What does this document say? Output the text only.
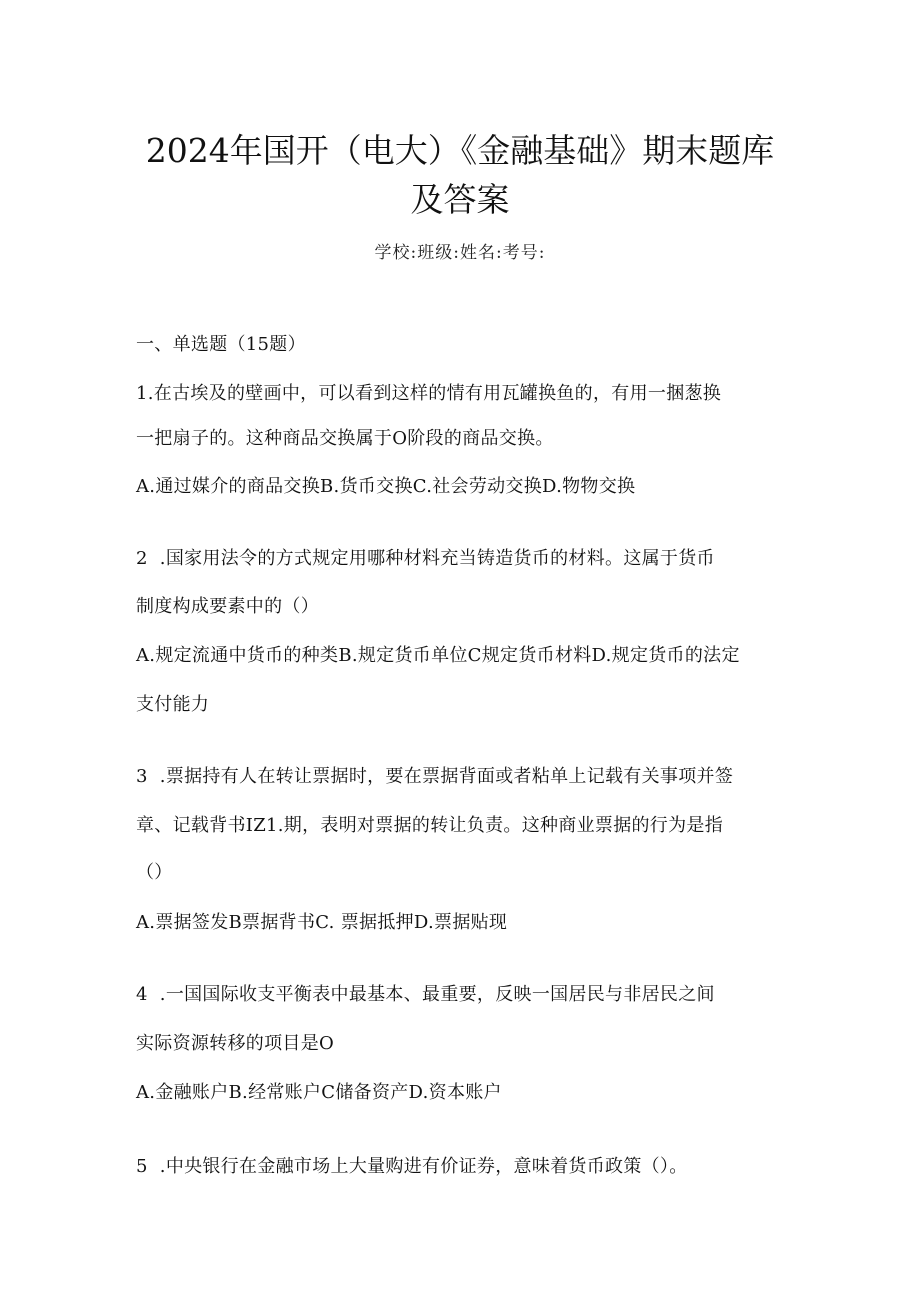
2024年国开（电大）《金融基础》期末题库
及答案
学校:班级:姓名:考号:
一、单选题（15题）
1.在古埃及的壁画中，可以看到这样的情有用瓦罐换鱼的，有用一捆葱换
一把扇子的。这种商品交换属于O阶段的商品交换。
A.通过媒介的商品交换B.货币交换C.社会劳动交换D.物物交换
2  .国家用法令的方式规定用哪种材料充当铸造货币的材料。这属于货币
制度构成要素中的（）
A.规定流通中货币的种类B.规定货币单位C规定货币材料D.规定货币的法定
支付能力
3  .票据持有人在转让票据时，要在票据背面或者粘单上记载有关事项并签
章、记载背书IZ1.期，表明对票据的转让负责。这种商业票据的行为是指
（）
A.票据签发B票据背书C. 票据抵押D.票据贴现
4  .一国国际收支平衡表中最基本、最重要，反映一国居民与非居民之间
实际资源转移的项目是O
A.金融账户B.经常账户C储备资产D.资本账户
5  .中央银行在金融市场上大量购进有价证券，意味着货币政策（）。
